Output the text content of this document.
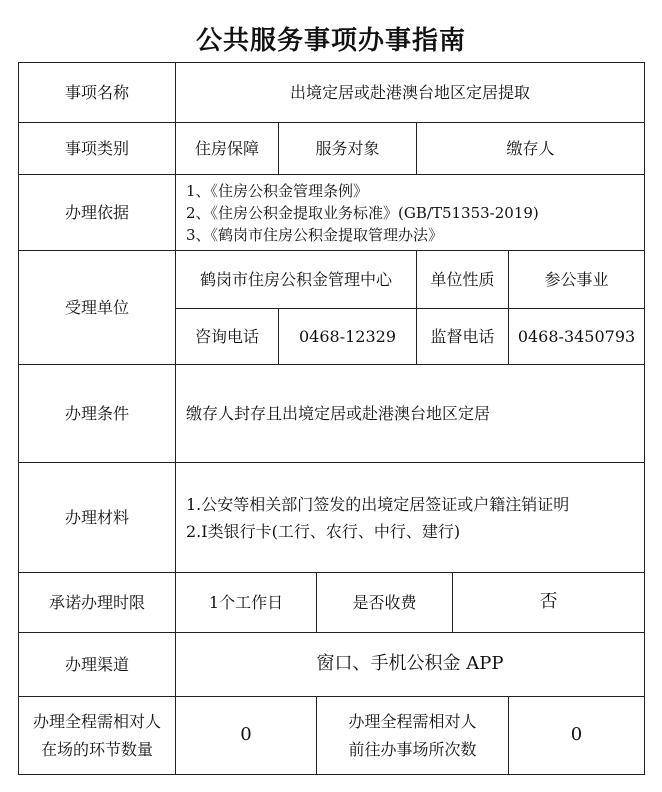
公共服务事项办事指南
事项名称	出境定居或赴港澳台地区定居提取					
事项类别	住房保障	服务对象		缴存人		
办理依据	1、《住房公积金管理条例》
2、《住房公积金提取业务标准》(GB/T51353-2019)
3、《鹤岗市住房公积金提取管理办法》					

受理单位	鹤岗市住房公积金管理中心			单位性质		参公事业
	咨询电话	0468-12329		监督电话		0468-3450793
办理条件	缴存人封存且出境定居或赴港澳台地区定居					
办理材料	1.公安等相关部门签发的出境定居签证或户籍注销证明
2.I类银行卡(工行、农行、中行、建行)					

承诺办理时限	1个工作日		是否收费		否	
办理渠道	窗口、手机公积金 APP					

办理全程需相对人
在场的环节数量	0		办理全程需相对人
前往办事场所次数			0
